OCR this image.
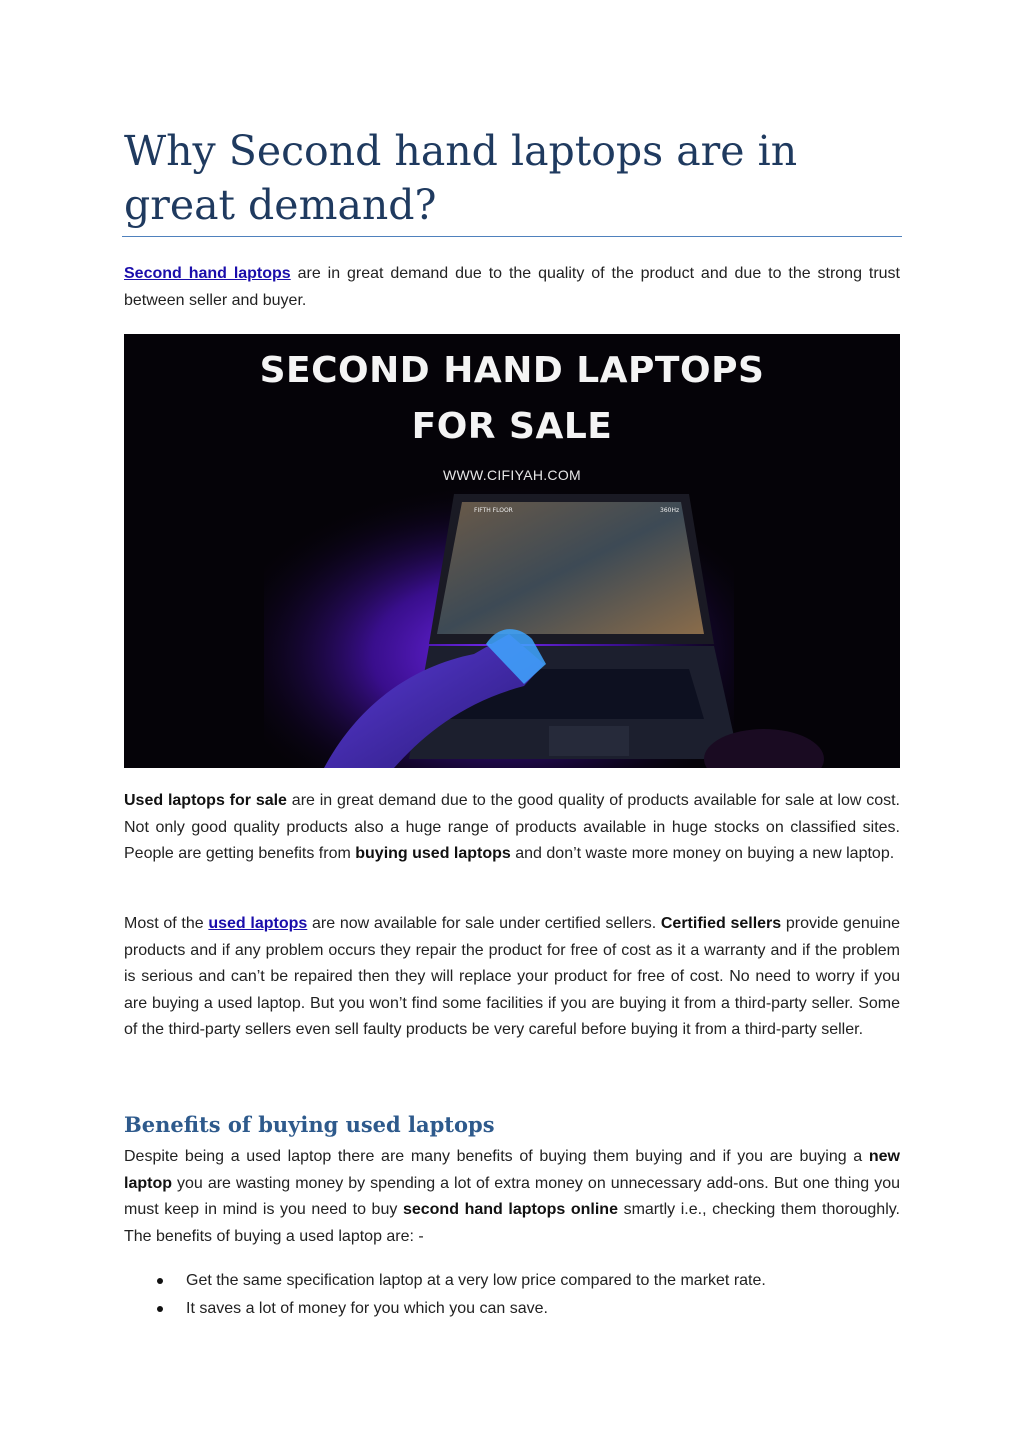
Why Second hand laptops are in great demand?

Second hand laptops are in great demand due to the quality of the product and due to the strong trust between seller and buyer.

SECOND HAND LAPTOPS
FOR SALE
WWW.CIFIYAH.COM
FIFTH FLOOR	360Hz

Used laptops for sale are in great demand due to the good quality of products available for sale at low cost. Not only good quality products also a huge range of products available in huge stocks on classified sites. People are getting benefits from buying used laptops and don’t waste more money on buying a new laptop.

Most of the used laptops are now available for sale under certified sellers. Certified sellers provide genuine products and if any problem occurs they repair the product for free of cost as it a warranty and if the problem is serious and can’t be repaired then they will replace your product for free of cost. No need to worry if you are buying a used laptop. But you won’t find some facilities if you are buying it from a third-party seller. Some of the third-party sellers even sell faulty products be very careful before buying it from a third-party seller.

Benefits of buying used laptops

Despite being a used laptop there are many benefits of buying them buying and if you are buying a new laptop you are wasting money by spending a lot of extra money on unnecessary add-ons. But one thing you must keep in mind is you need to buy second hand laptops online smartly i.e., checking them thoroughly. The benefits of buying a used laptop are: -

Get the same specification laptop at a very low price compared to the market rate.
It saves a lot of money for you which you can save.
